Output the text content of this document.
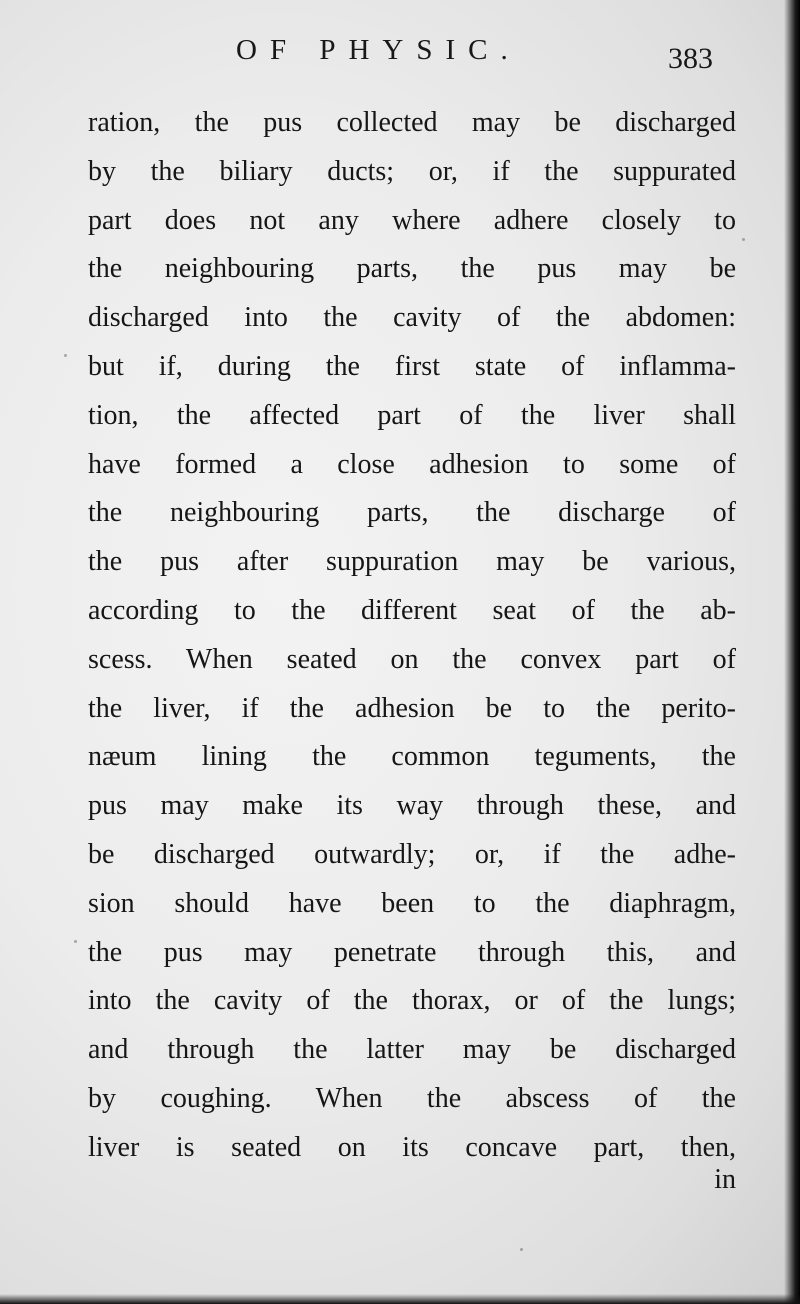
OF PHYSIC.	383
ration, the pus collected may be discharged
by the biliary ducts; or, if the suppurated
part does not any where adhere closely to
the neighbouring parts, the pus may be
discharged into the cavity of the abdomen:
but if, during the first state of inflamma-
tion, the affected part of the liver shall
have formed a close adhesion to some of
the neighbouring parts, the discharge of
the pus after suppuration may be various,
according to the different seat of the ab-
scess. When seated on the convex part of
the liver, if the adhesion be to the perito-
næum lining the common teguments, the
pus may make its way through these, and
be discharged outwardly; or, if the adhe-
sion should have been to the diaphragm,
the pus may penetrate through this, and
into the cavity of the thorax, or of the lungs;
and through the latter may be discharged
by coughing. When the abscess of the
liver is seated on its concave part, then,
in
